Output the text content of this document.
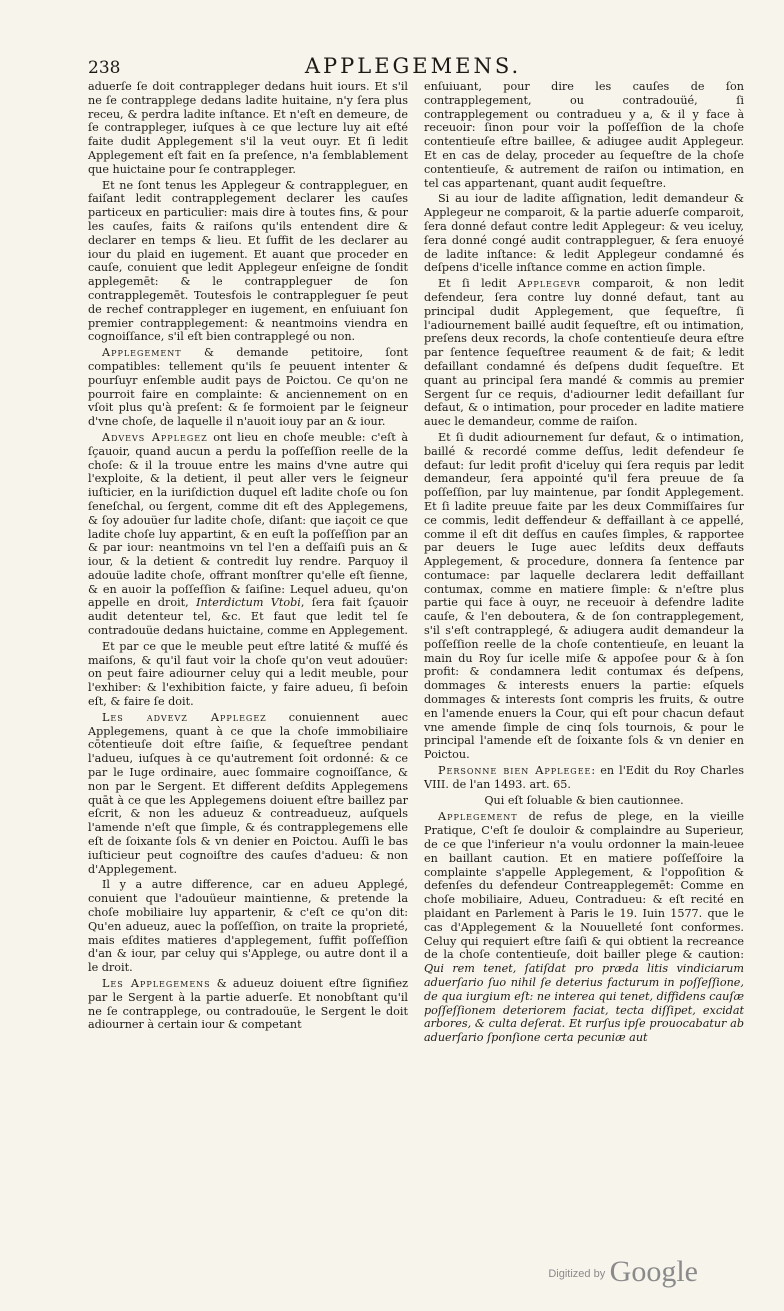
238	APPLEGEMENS.

aduerſe ſe doit contrappleger dedans huit iours. Et s'il ne ſe contrapplege dedans ladite huitaine, n'y ſera plus receu, & perdra ladite inſtance. Et n'eſt en demeure, de ſe contrappleger, iuſques à ce que lecture luy ait eſté faite dudit Applegement s'il la veut ouyr. Et ſi ledit Applegement eſt fait en ſa preſence, n'a ſemblablement que huictaine pour ſe contrappleger.

Et ne ſont tenus les Applegeur & contrappleguer, en faiſant ledit contrapplegement declarer les cauſes particeux en particulier: mais dire à toutes fins, & pour les cauſes, faits & raiſons qu'ils entendent dire & declarer en temps & lieu. Et ſuffit de les declarer au iour du plaid en iugement. Et auant que proceder en cauſe, conuient que ledit Applegeur enſeigne de ſondit applegemēt: & le contrappleguer de ſon contrapplegemēt. Toutesfois le contrappleguer ſe peut de rechef contrappleger en iugement, en enſuiuant ſon premier contrapplegement: & neantmoins viendra en cognoiſſance, s'il eſt bien contrapplegé ou non.

Applegement & demande petitoire, ſont compatibles: tellement qu'ils ſe peuuent intenter & pourſuyr enſemble audit pays de Poictou. Ce qu'on ne pourroit faire en complainte: & anciennement on en vſoit plus qu'à preſent: & ſe formoient par le ſeigneur d'vne choſe, de laquelle il n'auoit iouy par an & iour.

Advevs Applegez ont lieu en choſe meuble: c'eſt à ſçauoir, quand aucun a perdu la poſſeſſion reelle de la choſe: & il la trouue entre les mains d'vne autre qui l'exploite, & la detient, il peut aller vers le ſeigneur iuſticier, en la iuriſdiction duquel eſt ladite choſe ou ſon ſeneſchal, ou ſergent, comme dit eſt des Applegemens, & ſoy adouüer ſur ladite choſe, diſant: que iaçoit ce que ladite choſe luy appartint, & en euſt la poſſeſſion par an & par iour: neantmoins vn tel l'en a deſſaiſi puis an & iour, & la detient & contredit luy rendre. Parquoy il adouüe ladite choſe, offrant monſtrer qu'elle eſt ſienne, & en auoir la poſſeſſion & ſaiſine: Lequel adueu, qu'on appelle en droit, Interdictum Vtobi, ſera fait ſçauoir audit detenteur tel, &c. Et faut que ledit tel ſe contradouüe dedans huictaine, comme en Applegement.

Et par ce que le meuble peut eſtre latité & muſſé és maiſons, & qu'il faut voir la choſe qu'on veut adouüer: on peut faire adiourner celuy qui a ledit meuble, pour l'exhiber: & l'exhibition faicte, y faire adueu, ſi beſoin eſt, & faire ſe doit.

Les advevz Applegez conuiennent auec Applegemens, quant à ce que la choſe immobiliaire cōtentieuſe doit eſtre ſaiſie, & ſequeſtree pendant l'adueu, iuſques à ce qu'autrement ſoit ordonné: & ce par le Iuge ordinaire, auec ſommaire cognoiſſance, & non par le Sergent. Et different deſdits Applegemens quāt à ce que les Applegemens doiuent eſtre baillez par eſcrit, & non les adueuz & contreadueuz, auſquels l'amende n'eſt que ſimple, & és contrapplegemens elle eſt de ſoixante ſols & vn denier en Poictou. Auſſi le bas iuſticieur peut cognoiſtre des cauſes d'adueu: & non d'Applegement.

Il y a autre difference, car en adueu Applegé, conuient que l'adouüeur maintienne, & pretende la choſe mobiliaire luy appartenir, & c'eſt ce qu'on dit: Qu'en adueuz, auec la poſſeſſion, on traite la proprieté, mais eſdites matieres d'applegement, ſuffit poſſeſſion d'an & iour, par celuy qui s'Applege, ou autre dont il a le droit.

Les Applegemens & adueuz doiuent eſtre ſignifiez par le Sergent à la partie aduerſe. Et nonobſtant qu'il ne ſe contrapplege, ou contradouüe, le Sergent le doit adiourner à certain iour & competant

enſuiuant, pour dire les cauſes de ſon contrapplegement, ou contradouüé, ſi contrapplegement ou contradueu y a, & il y face à receuoir: ſinon pour voir la poſſeſſion de la choſe contentieuſe eſtre baillee, & adiugee audit Applegeur. Et en cas de delay, proceder au ſequeſtre de la choſe contentieuſe, & autrement de raiſon ou intimation, en tel cas appartenant, quant audit ſequeſtre.

Si au iour de ladite aſſignation, ledit demandeur & Applegeur ne comparoit, & la partie aduerſe comparoit, ſera donné defaut contre ledit Applegeur: & veu iceluy, ſera donné congé audit contrappleguer, & ſera enuoyé de ladite inſtance: & ledit Applegeur condamné és deſpens d'icelle inſtance comme en action ſimple.

Et ſi ledit Applegevr comparoit, & non ledit defendeur, ſera contre luy donné defaut, tant au principal dudit Applegement, que ſequeſtre, ſi l'adiournement baillé audit ſequeſtre, eſt ou intimation, preſens deux records, la choſe contentieuſe deura eſtre par ſentence ſequeſtree reaument & de fait; & ledit defaillant condamné és deſpens dudit ſequeſtre. Et quant au principal ſera mandé & commis au premier Sergent ſur ce requis, d'adiourner ledit defaillant ſur defaut, & o intimation, pour proceder en ladite matiere auec le demandeur, comme de raiſon.

Et ſi dudit adiournement ſur defaut, & o intimation, baillé & recordé comme deſſus, ledit defendeur ſe defaut: ſur ledit profit d'iceluy qui ſera requis par ledit demandeur, ſera appointé qu'il fera preuue de ſa poſſeſſion, par luy maintenue, par ſondit Applegement. Et ſi ladite preuue faite par les deux Commiſſaires ſur ce commis, ledit deffendeur & deffaillant à ce appellé, comme il eſt dit deſſus en cauſes ſimples, & rapportee par deuers le Iuge auec leſdits deux deffauts Applegement, & procedure, donnera ſa ſentence par contumace: par laquelle declarera ledit deffaillant contumax, comme en matiere ſimple: & n'eſtre plus partie qui face à ouyr, ne receuoir à defendre ladite cauſe, & l'en deboutera, & de ſon contrapplegement, s'il s'eſt contrapplegé, & adiugera audit demandeur la poſſeſſion reelle de la choſe contentieuſe, en leuant la main du Roy ſur icelle miſe & appoſee pour & à ſon profit: & condamnera ledit contumax és deſpens, dommages & interests enuers la partie: eſquels dommages & interests ſont compris les fruits, & outre en l'amende enuers la Cour, qui eſt pour chacun defaut vne amende ſimple de cinq ſols tournois, & pour le principal l'amende eſt de ſoixante ſols & vn denier en Poictou.

Personne bien Applegee: en l'Edit du Roy Charles VIII. de l'an 1493. art. 65.

Qui eſt ſoluable & bien cautionnee.

Applegement de refus de plege, en la vieille Pratique, C'eſt ſe douloir & complaindre au Superieur, de ce que l'inferieur n'a voulu ordonner la main-leuee en baillant caution. Et en matiere poſſeſſoire la complainte s'appelle Applegement, & l'oppoſition & defenſes du defendeur Contreapplegemēt: Comme en choſe mobiliaire, Adueu, Contradueu: & eſt recité en plaidant en Parlement à Paris le 19. Iuin 1577. que le cas d'Applegement & la Nouuelleté ſont conformes. Celuy qui requiert eſtre ſaiſi & qui obtient la recreance de la choſe contentieuſe, doit bailler plege & caution: Qui rem tenet, ſatiſdat pro præda litis vindiciarum aduerſario ſuo nihil ſe deterius facturum in poſſeſſione, de qua iurgium eſt: ne interea qui tenet, diffidens cauſæ poſſeſſionem deteriorem faciat, tecta diſſipet, excidat arbores, & culta deſerat. Et rurſus ipſe prouocabatur ab aduerſario ſponſione certa pecuniæ aut

$^{Digitized by}$ Google
